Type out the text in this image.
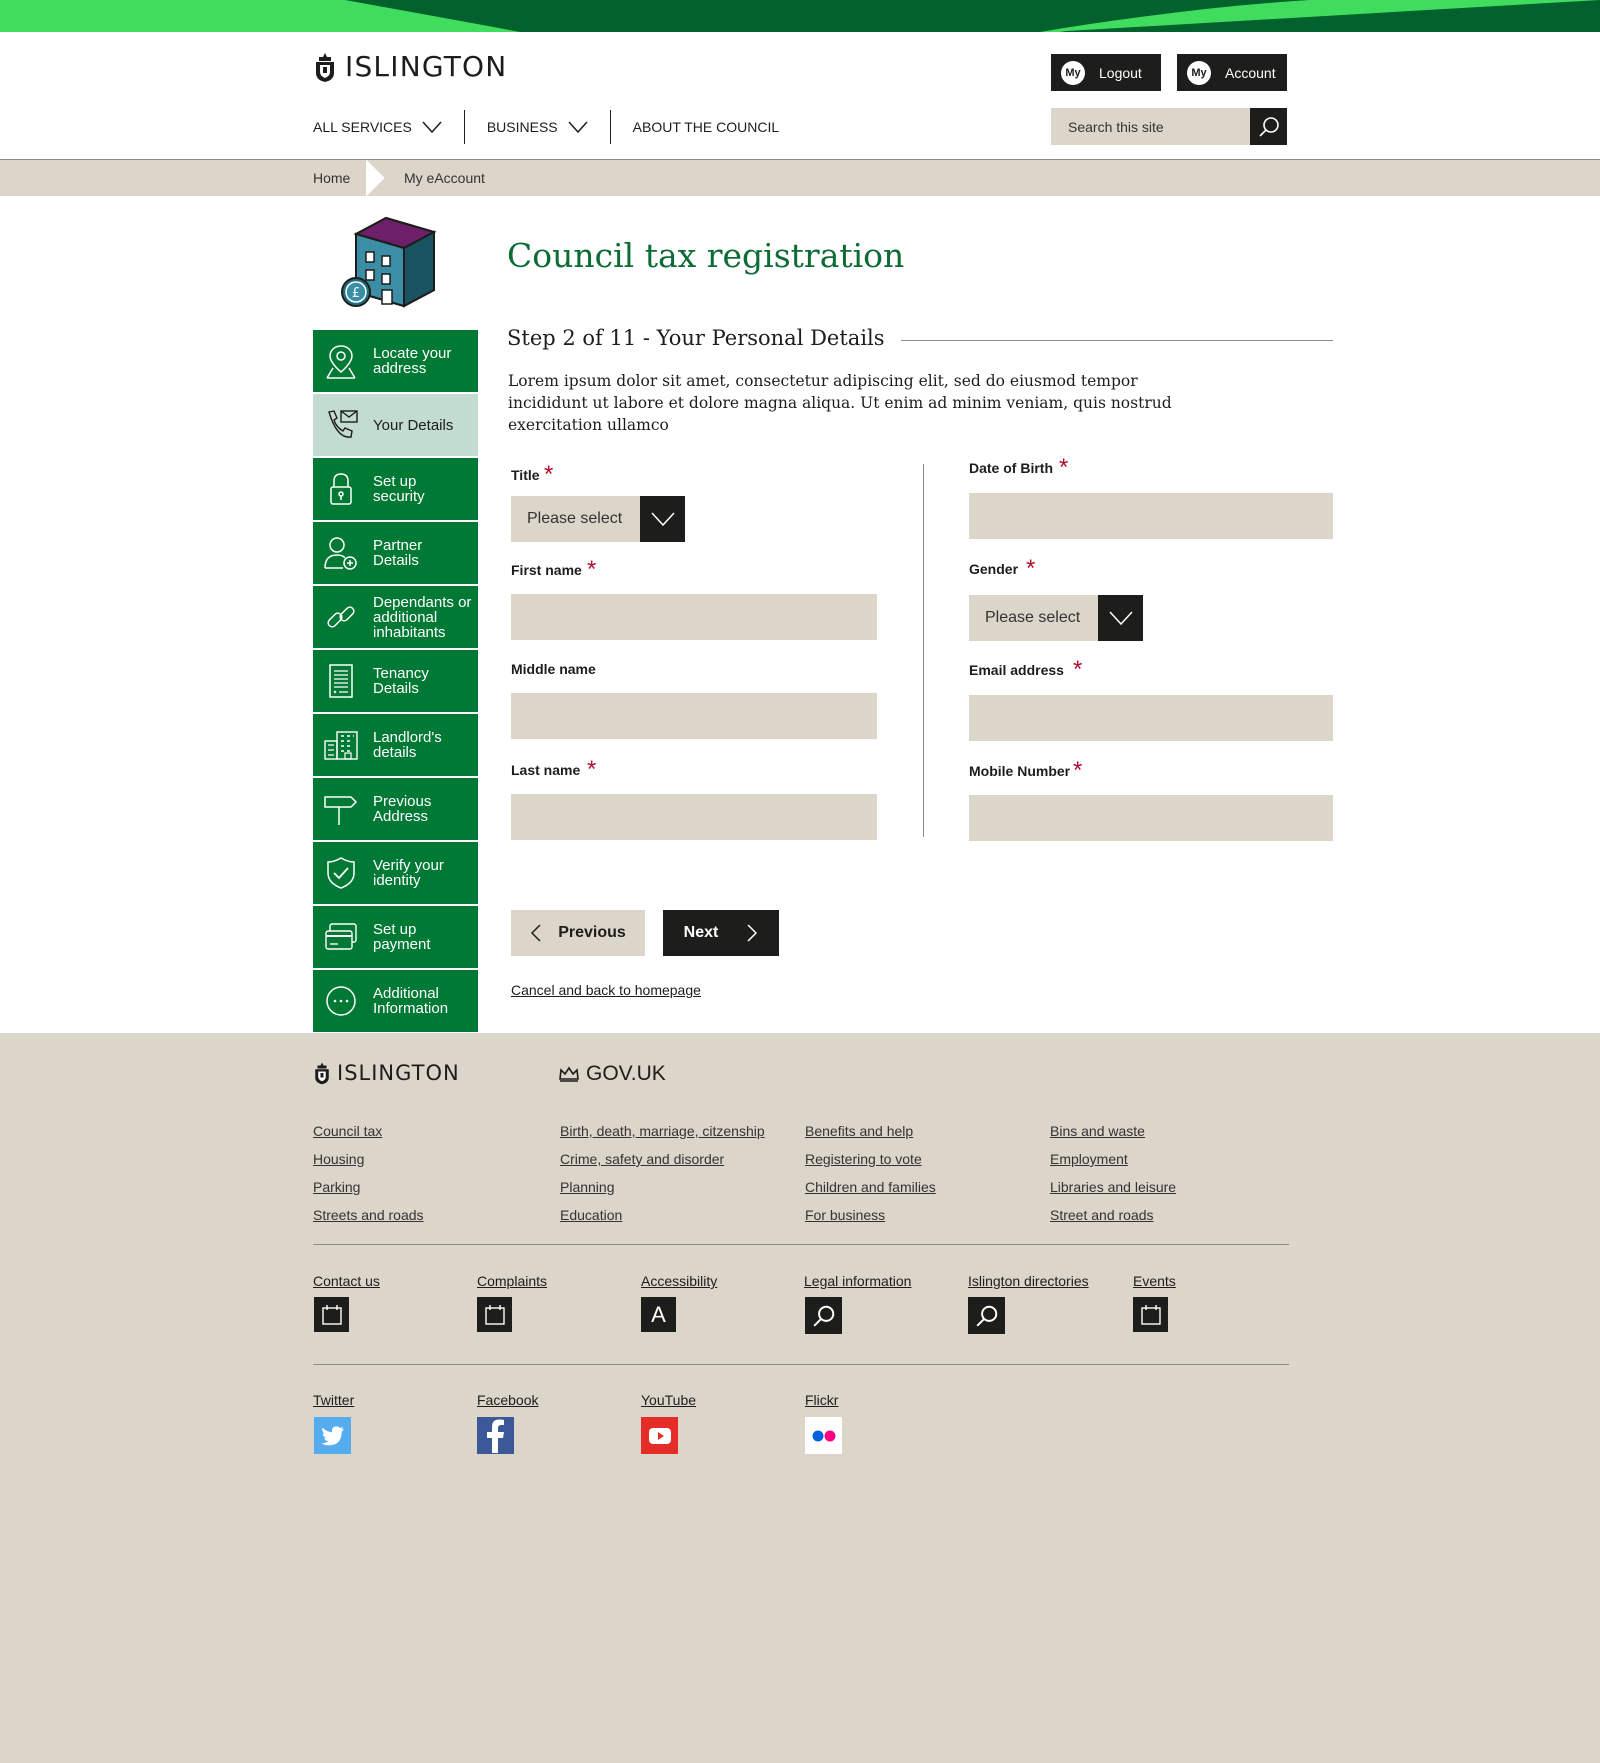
ISLINGTON	My	Logout	My	Account
ALL SERVICES	BUSINESS	ABOUT THE COUNCIL
Search this site
Home	My eAccount
£
Council tax registration
Locate your address
Your Details
Set up security
Partner Details
Dependants or additional inhabitants
Tenancy Details
Landlord's details
Previous Address
Verify your identity
Set up payment
Additional Information
Step 2 of 11 - Your Personal Details

Lorem ipsum dolor sit amet, consectetur adipiscing elit, sed do eiusmod tempor incididunt ut labore et dolore magna aliqua. Ut enim ad minim veniam, quis nostrud exercitation ullamco

Title *
Please select
First name *
Middle name
Last name *
Date of Birth *
Gender *
Please select
Email address *
Mobile Number *
Previous	Next
Cancel and back to homepage
ISLINGTON	GOV.UK
Council tax
Housing
Parking
Streets and roads
Birth, death, marriage, citzenship
Crime, safety and disorder
Planning
Education
Benefits and help
Registering to vote
Children and families
For business
Bins and waste
Employment
Libraries and leisure
Street and roads
Contact us	Complaints	Accessibility
A
Legal information	Islington directories	Events
Twitter	Facebook	YouTube	Flickr
